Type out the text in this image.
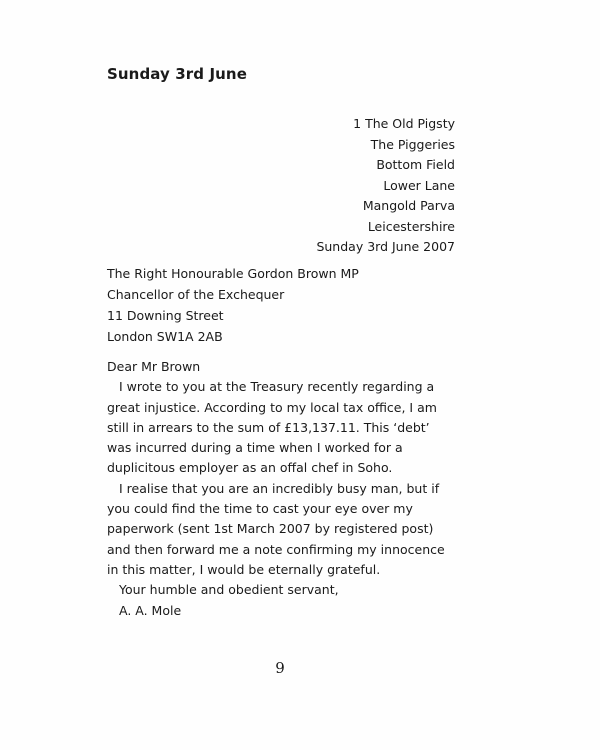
Sunday 3rd June
1 The Old Pigsty
The Piggeries
Bottom Field
Lower Lane
Mangold Parva
Leicestershire
Sunday 3rd June 2007
The Right Honourable Gordon Brown MP
Chancellor of the Exchequer
11 Downing Street
London SW1A 2AB

Dear Mr Brown

I wrote to you at the Treasury recently regarding a great injustice. According to my local tax office, I am still in arrears to the sum of £13,137.11. This ‘debt’ was incurred during a time when I worked for a duplicitous employer as an offal chef in Soho.

I realise that you are an incredibly busy man, but if you could find the time to cast your eye over my paperwork (sent 1st March 2007 by registered post) and then forward me a note confirming my innocence in this matter, I would be eternally grateful.

Your humble and obedient servant,

A. A. Mole

9
